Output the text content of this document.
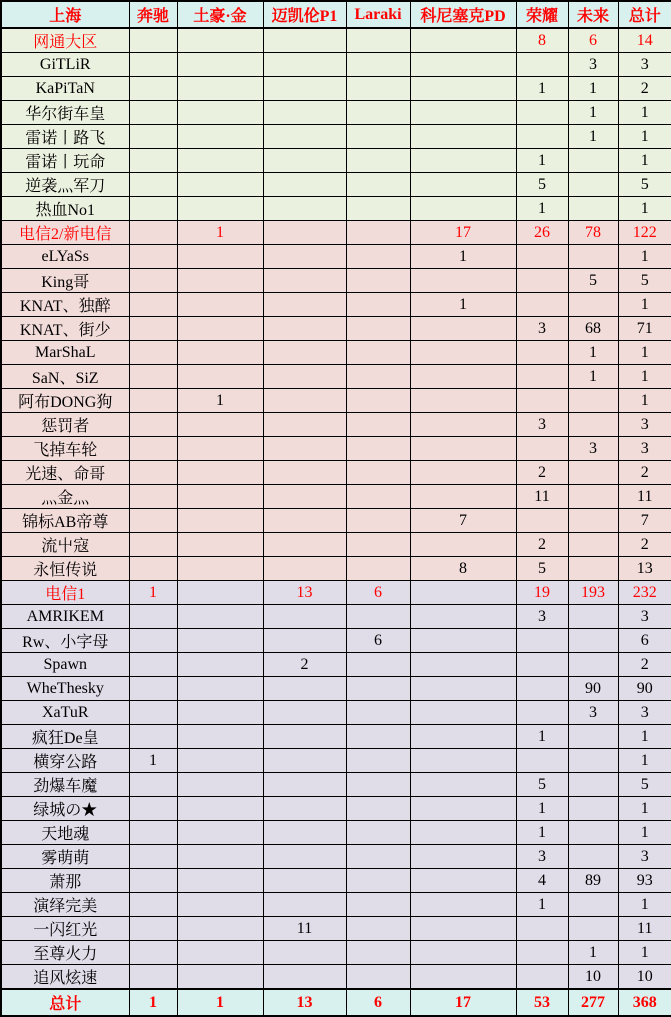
上海	奔驰	土豪·金	迈凯伦P1	Laraki	科尼塞克PD	荣耀	未来	总计
网通大区						8	6	14
GiTLiR							3	3
KaPiTaN						1	1	2
华尔街车皇							1	1
雷诺丨路飞							1	1
雷诺丨玩命						1		1
逆袭灬军刀						5		5
热血No1						1		1
电信2/新电信		1			17	26	78	122
eLYaSs					1			1
King哥							5	5
KNAT、独醉					1			1
KNAT、街少						3	68	71
MarShaL							1	1
SaN、SiZ							1	1
阿布DONG狗		1						1
惩罚者						3		3
飞掉车轮							3	3
光速、命哥						2		2
灬金灬						11		11
锦标AB帝尊					7			7
流屮寇						2		2
永恒传说					8	5		13
电信1	1		13	6		19	193	232
AMRIKEM						3		3
Rw、小字母				6				6
Spawn			2					2
WheThesky							90	90
XaTuR							3	3
疯狂De皇						1		1
横穿公路	1							1
劲爆车魔						5		5
绿城の★						1		1
天地魂						1		1
雾萌萌						3		3
萧那						4	89	93
演绎完美						1		1
一闪红光			11					11
至尊火力							1	1
追风炫速							10	10
总计	1	1	13	6	17	53	277	368
